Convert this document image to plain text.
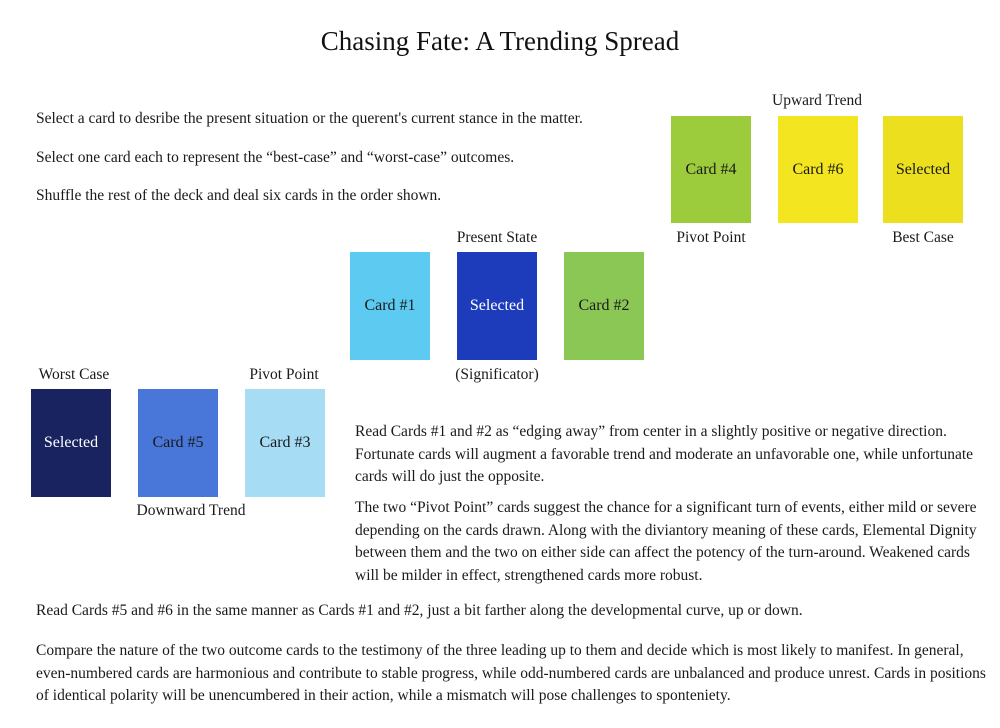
Chasing Fate: A Trending Spread
Select a card to desribe the present situation or the querent's current stance in the matter.
Select one card each to represent the “best-case” and “worst-case” outcomes.
Shuffle the rest of the deck and deal six cards in the order shown.
Upward Trend
Card #4	Card #6	Selected
Pivot Point	Best Case
Present State
Card #1	Selected	Card #2
(Significator)
Worst Case	Pivot Point
Selected	Card #5	Card #3
Downward Trend
Read Cards #1 and #2 as “edging away” from center in a slightly positive or negative direction. Fortunate cards will augment a favorable trend and moderate an unfavorable one, while unfortunate cards will do just the opposite.
The two “Pivot Point” cards suggest the chance for a significant turn of events, either mild or severe depending on the cards drawn. Along with the diviantory meaning of these cards, Elemental Dignity between them and the two on either side can affect the potency of the turn-around. Weakened cards will be milder in effect, strengthened cards more robust.
Read Cards #5 and #6 in the same manner as Cards #1 and #2, just a bit farther along the developmental curve, up or down.
Compare the nature of the two outcome cards to the testimony of the three leading up to them and decide which is most likely to manifest. In general, even-numbered cards are harmonious and contribute to stable progress, while odd-numbered cards are unbalanced and produce unrest. Cards in positions of identical polarity will be unencumbered in their action, while a mismatch will pose challenges to sponteniety.
